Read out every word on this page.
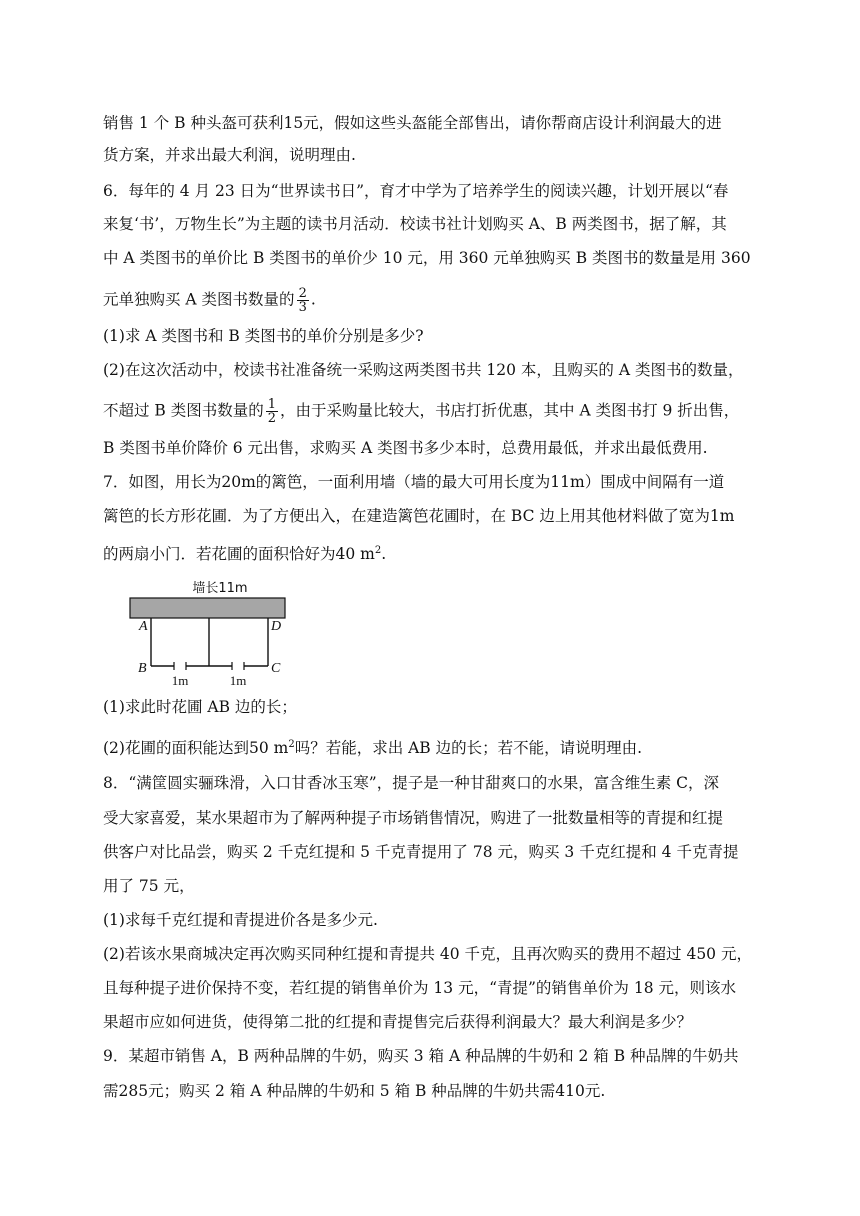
销售 1 个 B 种头盔可获利15元，假如这些头盔能全部售出，请你帮商店设计利润最大的进
货方案，并求出最大利润，说明理由.
6．每年的 4 月 23 日为“世界读书日”，育才中学为了培养学生的阅读兴趣，计划开展以“春
来复‘书’，万物生长”为主题的读书月活动．校读书社计划购买 A、B 两类图书，据了解，其
中 A 类图书的单价比 B 类图书的单价少 10 元，用 360 元单独购买 B 类图书的数量是用 360
元单独购买 A 类图书数量的 $\frac{2}{3}$ .
(1)求 A 类图书和 B 类图书的单价分别是多少?
(2)在这次活动中，校读书社准备统一采购这两类图书共 120 本，且购买的 A 类图书的数量，
不超过 B 类图书数量的 $\frac{1}{2}$ ，由于采购量比较大，书店打折优惠，其中 A 类图书打 9 折出售，
B 类图书单价降价 6 元出售，求购买 A 类图书多少本时，总费用最低，并求出最低费用.
7．如图，用长为20m的篱笆，一面利用墙（墙的最大可用长度为11m）围成中间隔有一道
篱笆的长方形花圃．为了方便出入，在建造篱笆花圃时，在 BC 边上用其他材料做了宽为1m
的两扇小门．若花圃的面积恰好为40 $m^2$.
墙长11m
A	D
B	C
1m	1m
(1)求此时花圃 AB 边的长；
(2)花圃的面积能达到50 $m^2$吗？若能，求出 AB 边的长；若不能，请说明理由.
8．“满筐圆实骊珠滑，入口甘香冰玉寒”，提子是一种甘甜爽口的水果，富含维生素 C，深
受大家喜爱，某水果超市为了解两种提子市场销售情况，购进了一批数量相等的青提和红提
供客户对比品尝，购买 2 千克红提和 5 千克青提用了 78 元，购买 3 千克红提和 4 千克青提
用了 75 元，
(1)求每千克红提和青提进价各是多少元.
(2)若该水果商城决定再次购买同种红提和青提共 40 千克，且再次购买的费用不超过 450 元，
且每种提子进价保持不变，若红提的销售单价为 13 元，“青提”的销售单价为 18 元，则该水
果超市应如何进货，使得第二批的红提和青提售完后获得利润最大？最大利润是多少？
9．某超市销售 A，B 两种品牌的牛奶，购买 3 箱 A 种品牌的牛奶和 2 箱 B 种品牌的牛奶共
需285元；购买 2 箱 A 种品牌的牛奶和 5 箱 B 种品牌的牛奶共需410元.
